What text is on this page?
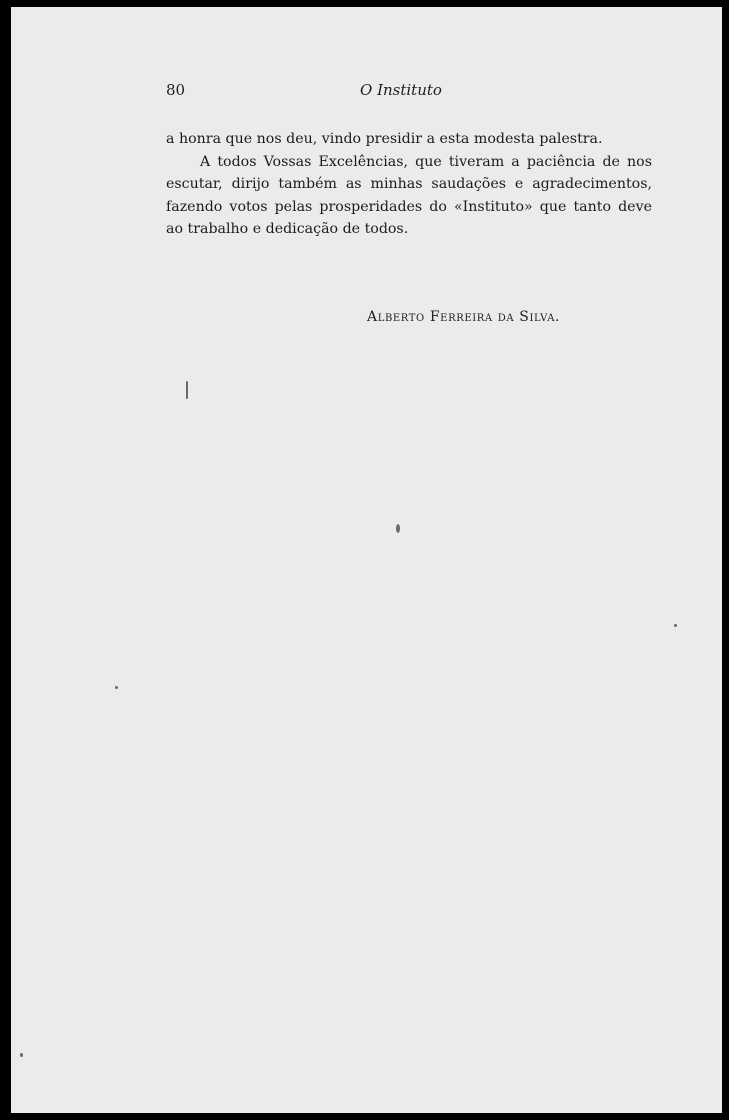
80	O Instituto

a honra que nos deu, vindo presidir a esta modesta palestra.

A todos Vossas Excelências, que tiveram a paciência de nos escutar, dirijo também as minhas saudações e agradecimentos, fazendo votos pelas prosperidades do «Instituto» que tanto deve ao trabalho e dedicação de todos.

Alberto Ferreira da Silva.
